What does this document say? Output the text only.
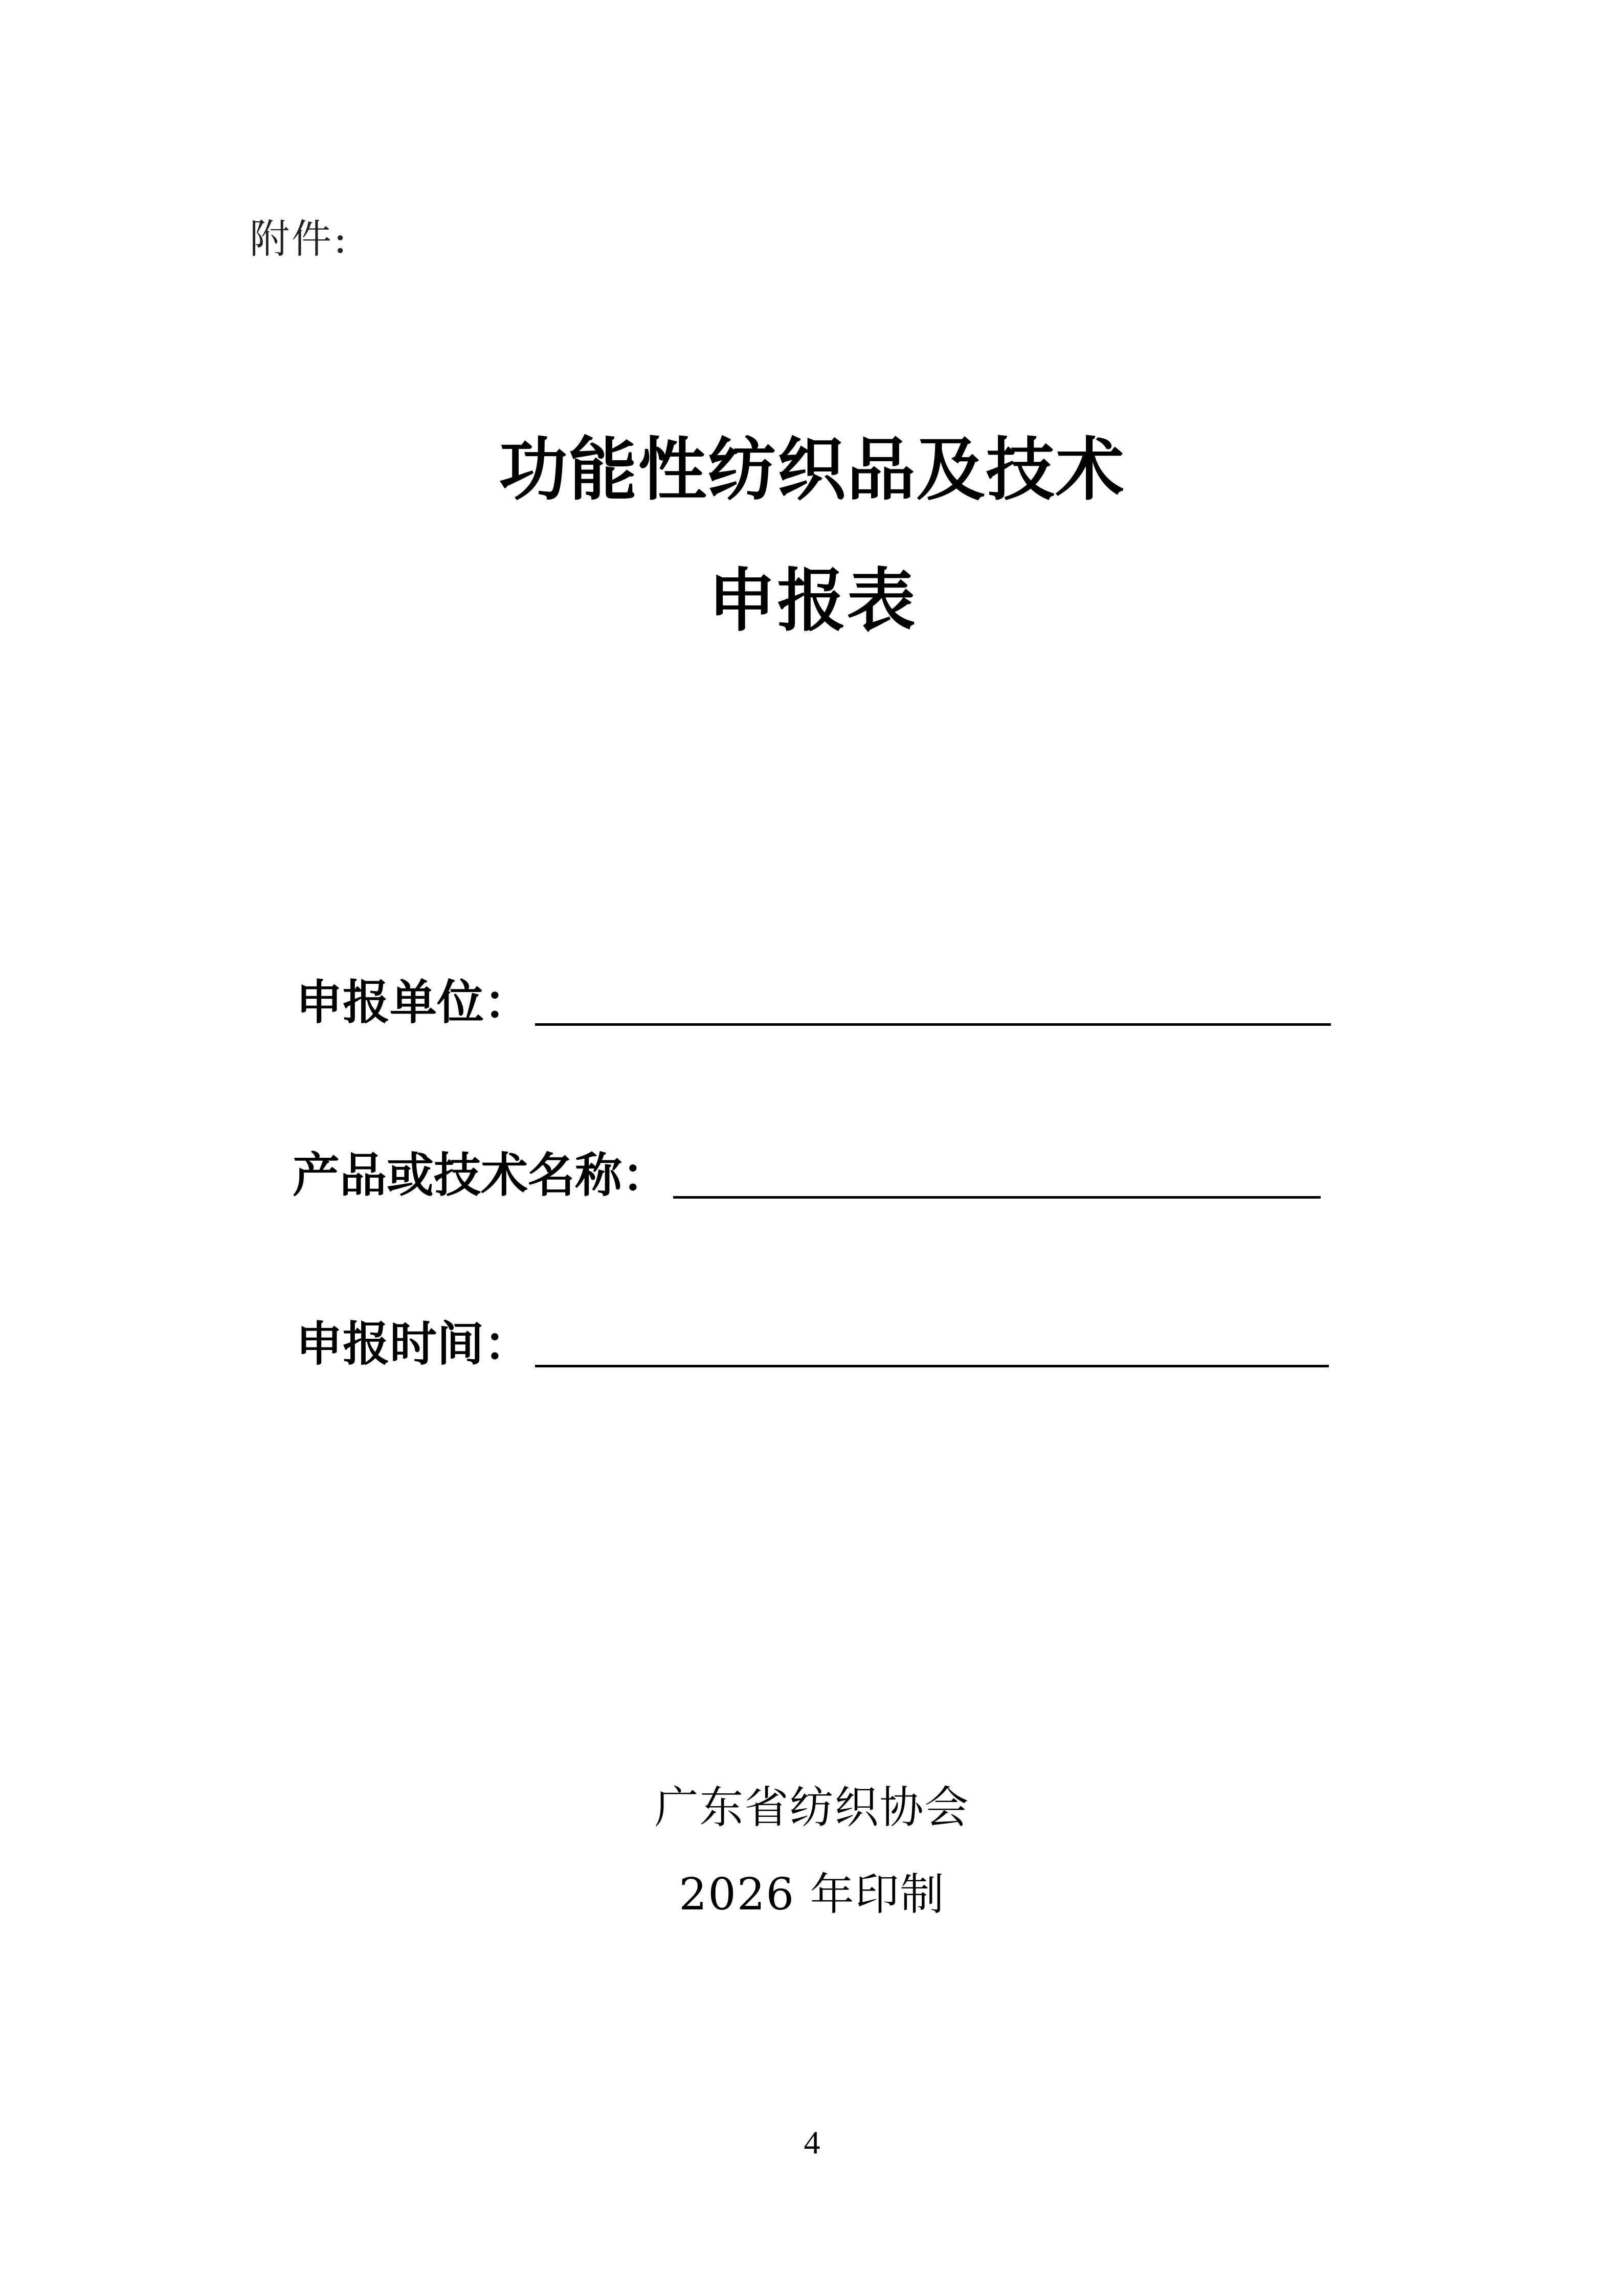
附件:
功能性纺织品及技术
申报表
申报单位：
产品或技术名称：
申报时间：
广东省纺织协会
2026 年印制
4
